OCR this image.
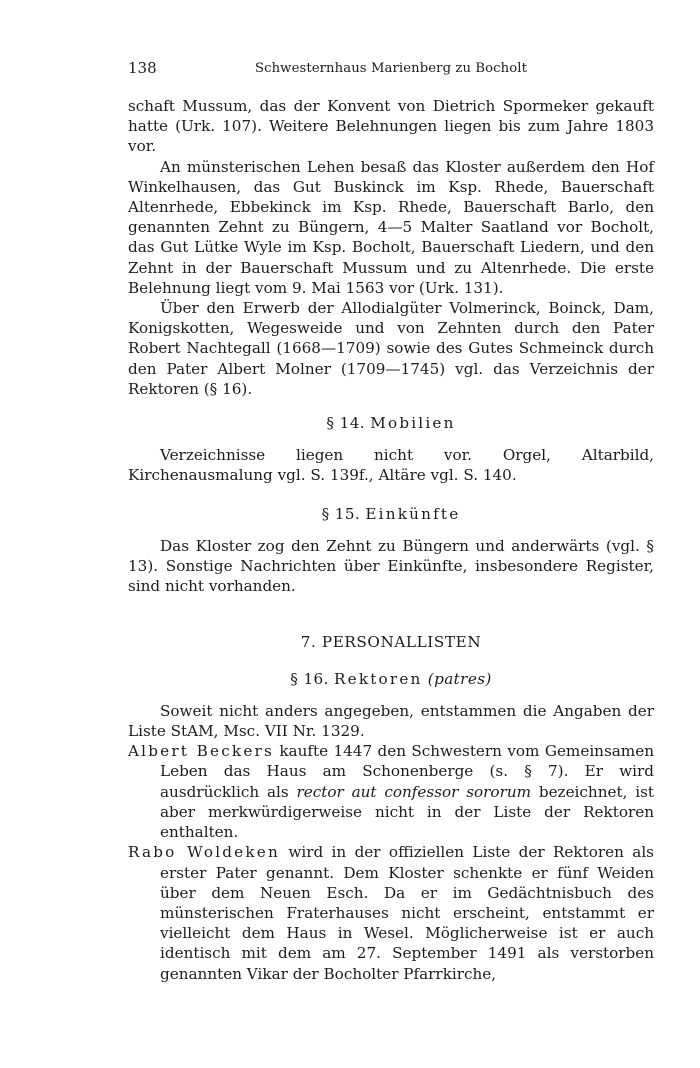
138	Schwesternhaus Marienberg zu Bocholt

schaft Mussum, das der Konvent von Dietrich Spormeker gekauft hatte (Urk. 107). Weitere Belehnungen liegen bis zum Jahre 1803 vor.

An münsterischen Lehen besaß das Kloster außerdem den Hof Winkelhausen, das Gut Buskinck im Ksp. Rhede, Bauerschaft Altenrhede, Ebbekinck im Ksp. Rhede, Bauerschaft Barlo, den genannten Zehnt zu Büngern, 4—5 Malter Saatland vor Bocholt, das Gut Lütke Wyle im Ksp. Bocholt, Bauerschaft Liedern, und den Zehnt in der Bauerschaft Mussum und zu Altenrhede. Die erste Belehnung liegt vom 9. Mai 1563 vor (Urk. 131).

Über den Erwerb der Allodialgüter Volmerinck, Boinck, Dam, Konigskotten, Wegesweide und von Zehnten durch den Pater Robert Nachtegall (1668—1709) sowie des Gutes Schmeinck durch den Pater Albert Molner (1709—1745) vgl. das Verzeichnis der Rektoren (§ 16).

§ 14. Mobilien

Verzeichnisse liegen nicht vor. Orgel, Altarbild, Kirchenausmalung vgl. S. 139f., Altäre vgl. S. 140.

§ 15. Einkünfte

Das Kloster zog den Zehnt zu Büngern und anderwärts (vgl. § 13). Sonstige Nachrichten über Einkünfte, insbesondere Register, sind nicht vorhanden.

7. PERSONALLISTEN
§ 16. Rektoren (patres)

Soweit nicht anders angegeben, entstammen die Angaben der Liste StAM, Msc. VII Nr. 1329.

Albert Beckers kaufte 1447 den Schwestern vom Gemeinsamen Leben das Haus am Schonenberge (s. § 7). Er wird ausdrücklich als rector aut confessor sororum bezeichnet, ist aber merkwürdigerweise nicht in der Liste der Rektoren enthalten.

Rabo Woldeken wird in der offiziellen Liste der Rektoren als erster Pater genannt. Dem Kloster schenkte er fünf Weiden über dem Neuen Esch. Da er im Gedächtnisbuch des münsterischen Fraterhauses nicht erscheint, entstammt er vielleicht dem Haus in Wesel. Möglicherweise ist er auch identisch mit dem am 27. September 1491 als verstorben genannten Vikar der Bocholter Pfarrkirche,
